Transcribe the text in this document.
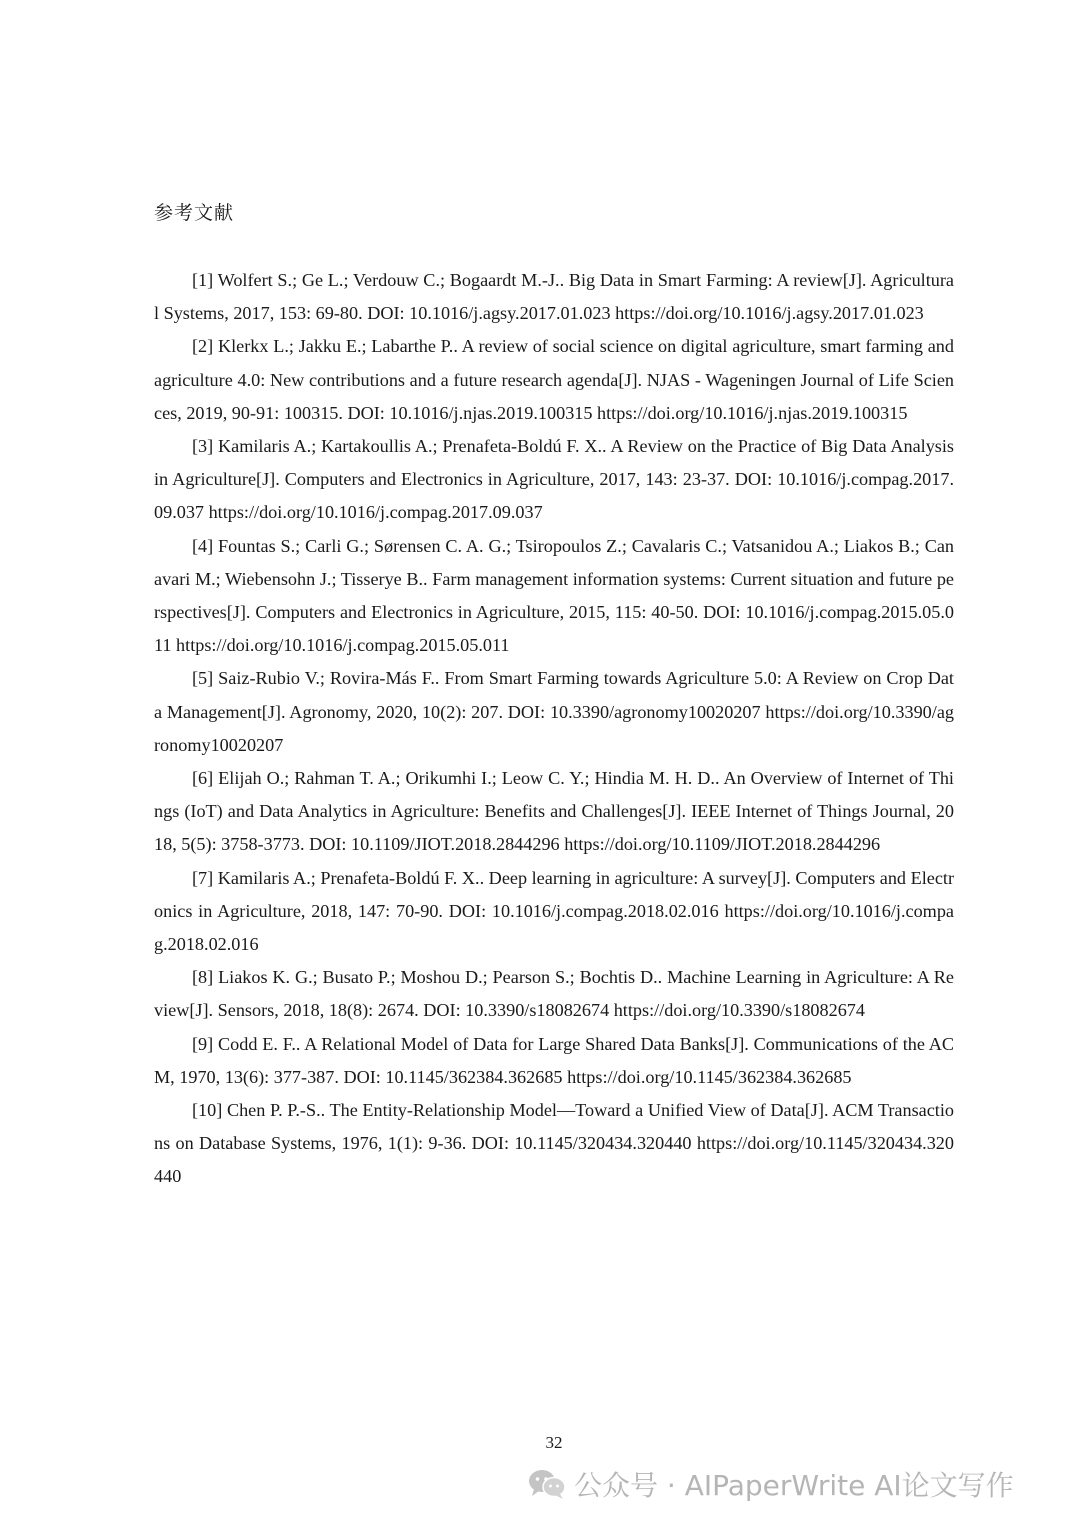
参考文献

[1] Wolfert S.; Ge L.; Verdouw C.; Bogaardt M.-J.. Big Data in Smart Farming: A review[J]. Agricultural Systems, 2017, 153: 69-80. DOI: 10.1016/j.agsy.2017.01.023 https://doi.org/10.1016/j.agsy.2017.01.023

[2] Klerkx L.; Jakku E.; Labarthe P.. A review of social science on digital agriculture, smart farming and agriculture 4.0: New contributions and a future research agenda[J]. NJAS - Wageningen Journal of Life Sciences, 2019, 90-91: 100315. DOI: 10.1016/j.njas.2019.100315 https://doi.org/10.1016/j.njas.2019.100315

[3] Kamilaris A.; Kartakoullis A.; Prenafeta-Boldú F. X.. A Review on the Practice of Big Data Analysis in Agriculture[J]. Computers and Electronics in Agriculture, 2017, 143: 23-37. DOI: 10.1016/j.compag.2017.09.037 https://doi.org/10.1016/j.compag.2017.09.037

[4] Fountas S.; Carli G.; Sørensen C. A. G.; Tsiropoulos Z.; Cavalaris C.; Vatsanidou A.; Liakos B.; Canavari M.; Wiebensohn J.; Tisserye B.. Farm management information systems: Current situation and future perspectives[J]. Computers and Electronics in Agriculture, 2015, 115: 40-50. DOI: 10.1016/j.compag.2015.05.011 https://doi.org/10.1016/j.compag.2015.05.011

[5] Saiz-Rubio V.; Rovira-Más F.. From Smart Farming towards Agriculture 5.0: A Review on Crop Data Management[J]. Agronomy, 2020, 10(2): 207. DOI: 10.3390/agronomy10020207 https://doi.org/10.3390/agronomy10020207

[6] Elijah O.; Rahman T. A.; Orikumhi I.; Leow C. Y.; Hindia M. H. D.. An Overview of Internet of Things (IoT) and Data Analytics in Agriculture: Benefits and Challenges[J]. IEEE Internet of Things Journal, 2018, 5(5): 3758-3773. DOI: 10.1109/JIOT.2018.2844296 https://doi.org/10.1109/JIOT.2018.2844296

[7] Kamilaris A.; Prenafeta-Boldú F. X.. Deep learning in agriculture: A survey[J]. Computers and Electronics in Agriculture, 2018, 147: 70-90. DOI: 10.1016/j.compag.2018.02.016 https://doi.org/10.1016/j.compag.2018.02.016

[8] Liakos K. G.; Busato P.; Moshou D.; Pearson S.; Bochtis D.. Machine Learning in Agriculture: A Review[J]. Sensors, 2018, 18(8): 2674. DOI: 10.3390/s18082674 https://doi.org/10.3390/s18082674

[9] Codd E. F.. A Relational Model of Data for Large Shared Data Banks[J]. Communications of the ACM, 1970, 13(6): 377-387. DOI: 10.1145/362384.362685 https://doi.org/10.1145/362384.362685

[10] Chen P. P.-S.. The Entity-Relationship Model—Toward a Unified View of Data[J]. ACM Transactions on Database Systems, 1976, 1(1): 9-36. DOI: 10.1145/320434.320440 https://doi.org/10.1145/320434.320440

32
公众号 · AIPaperWrite AI论文写作
